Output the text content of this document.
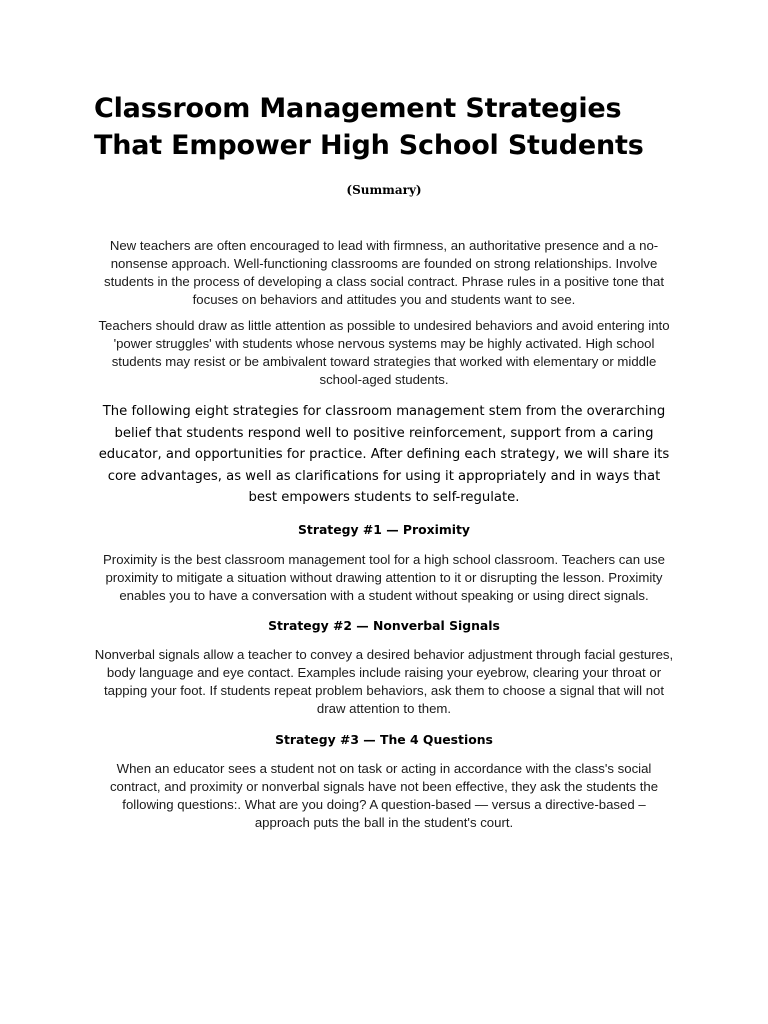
Classroom Management Strategies That Empower High School Students
(Summary)

New teachers are often encouraged to lead with firmness, an authoritative presence and a no-nonsense approach. Well-functioning classrooms are founded on strong relationships. Involve students in the process of developing a class social contract. Phrase rules in a positive tone that focuses on behaviors and attitudes you and students want to see.

Teachers should draw as little attention as possible to undesired behaviors and avoid entering into 'power struggles' with students whose nervous systems may be highly activated. High school students may resist or be ambivalent toward strategies that worked with elementary or middle school-aged students.

The following eight strategies for classroom management stem from the overarching belief that students respond well to positive reinforcement, support from a caring educator, and opportunities for practice. After defining each strategy, we will share its core advantages, as well as clarifications for using it appropriately and in ways that best empowers students to self-regulate.

Strategy #1 — Proximity

Proximity is the best classroom management tool for a high school classroom. Teachers can use proximity to mitigate a situation without drawing attention to it or disrupting the lesson. Proximity enables you to have a conversation with a student without speaking or using direct signals.

Strategy #2 — Nonverbal Signals

Nonverbal signals allow a teacher to convey a desired behavior adjustment through facial gestures, body language and eye contact. Examples include raising your eyebrow, clearing your throat or tapping your foot. If students repeat problem behaviors, ask them to choose a signal that will not draw attention to them.

Strategy #3 — The 4 Questions

When an educator sees a student not on task or acting in accordance with the class's social contract, and proximity or nonverbal signals have not been effective, they ask the students the following questions:. What are you doing? A question-based — versus a directive-based – approach puts the ball in the student's court.
